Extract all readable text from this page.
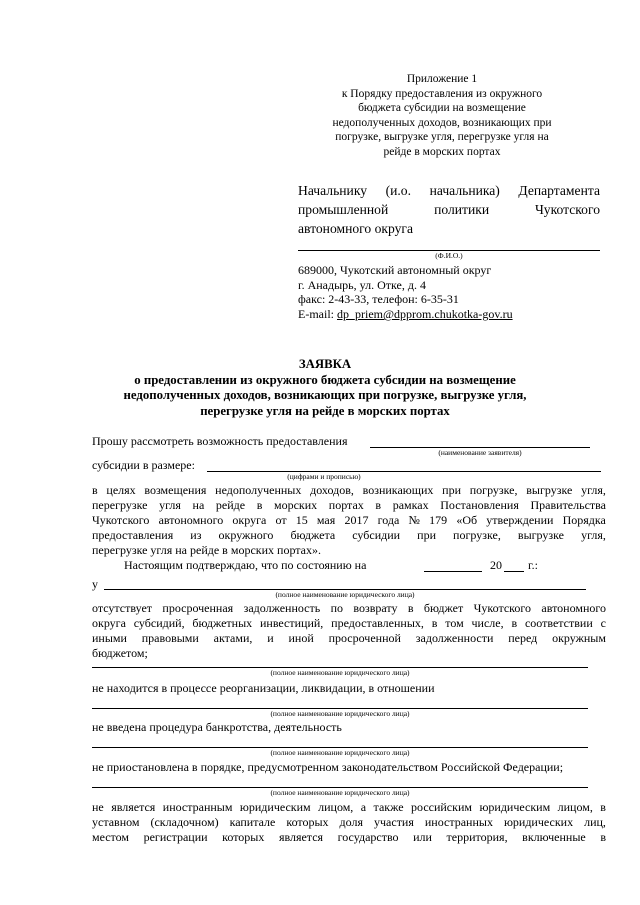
Приложение 1
к Порядку предоставления из окружного
бюджета субсидии на возмещение
недополученных доходов, возникающих при
погрузке, выгрузке угля, перегрузке угля на
рейде в морских портах
Начальнику (и.о. начальника) Департамента
промышленной	политики	Чукотского
автономного округа
(Ф.И.О.)
689000, Чукотский автономный округ
г. Анадырь, ул. Отке, д. 4
факс: 2-43-33, телефон: 6-35-31
E-mail: dp_priem@dpprom.chukotka-gov.ru
ЗАЯВКА
о предоставлении из окружного бюджета субсидии на возмещение
недополученных доходов, возникающих при погрузке, выгрузке угля,
перегрузке угля на рейде в морских портах
Прошу рассмотреть возможность предоставления
(наименование заявителя)
субсидии в размере:
(цифрами и прописью)
в целях возмещения недополученных доходов, возникающих при погрузке, выгрузке угля,
перегрузке угля на рейде в морских портах в рамках Постановления Правительства
Чукотского автономного округа от 15 мая 2017 года № 179 «Об утверждении Порядка
предоставления из окружного бюджета субсидии при погрузке, выгрузке угля,
перегрузке угля на рейде в морских портах».
Настоящим подтверждаю, что по состоянию на	20 г.:
у
(полное наименование юридического лица)
отсутствует просроченная задолженность по возврату в бюджет Чукотского автономного
округа субсидий, бюджетных инвестиций, предоставленных, в том числе, в соответствии с
иными правовыми актами, и иной просроченной задолженности перед окружным
бюджетом;
(полное наименование юридического лица)
не находится в процессе реорганизации, ликвидации, в отношении
(полное наименование юридического лица)
не введена процедура банкротства, деятельность
(полное наименование юридического лица)
не приостановлена в порядке, предусмотренном законодательством Российской Федерации;
(полное наименование юридического лица)
не является иностранным юридическим лицом, а также российским юридическим лицом, в
уставном (складочном) капитале которых доля участия иностранных юридических лиц,
местом регистрации которых является государство или территория, включенные в
